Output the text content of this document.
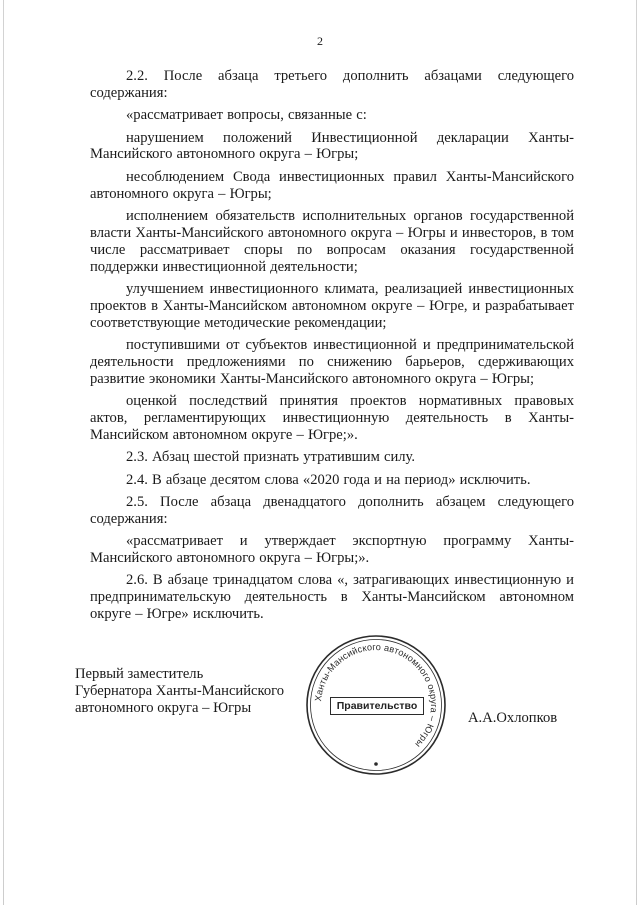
2

2.2. После абзаца третьего дополнить абзацами следующего содержания:

«рассматривает вопросы, связанные с:

нарушением положений Инвестиционной декларации Ханты-Мансийского автономного округа – Югры;

несоблюдением Свода инвестиционных правил Ханты-Мансийского автономного округа – Югры;

исполнением обязательств исполнительных органов государственной власти Ханты-Мансийского автономного округа – Югры и инвесторов, в том числе рассматривает споры по вопросам оказания государственной поддержки инвестиционной деятельности;

улучшением инвестиционного климата, реализацией инвестиционных проектов в Ханты-Мансийском автономном округе – Югре, и разрабатывает соответствующие методические рекомендации;

поступившими от субъектов инвестиционной и предпринимательской деятельности предложениями по снижению барьеров, сдерживающих развитие экономики Ханты-Мансийского автономного округа – Югры;

оценкой последствий принятия проектов нормативных правовых актов, регламентирующих инвестиционную деятельность в Ханты-Мансийском автономном округе – Югре;».

2.3. Абзац шестой признать утратившим силу.

2.4. В абзаце десятом слова «2020 года и на период» исключить.

2.5. После абзаца двенадцатого дополнить абзацем следующего содержания:

«рассматривает и утверждает экспортную программу Ханты-Мансийского автономного округа – Югры;».

2.6. В абзаце тринадцатом слова «, затрагивающих инвестиционную и предпринимательскую деятельность в Ханты-Мансийском автономном округе – Югре» исключить.

Первый заместитель
Губернатора Ханты-Мансийского
автономного округа – Югры
Ханты-Мансийского автономного округа – Югры
Правительство
А.А.Охлопков
